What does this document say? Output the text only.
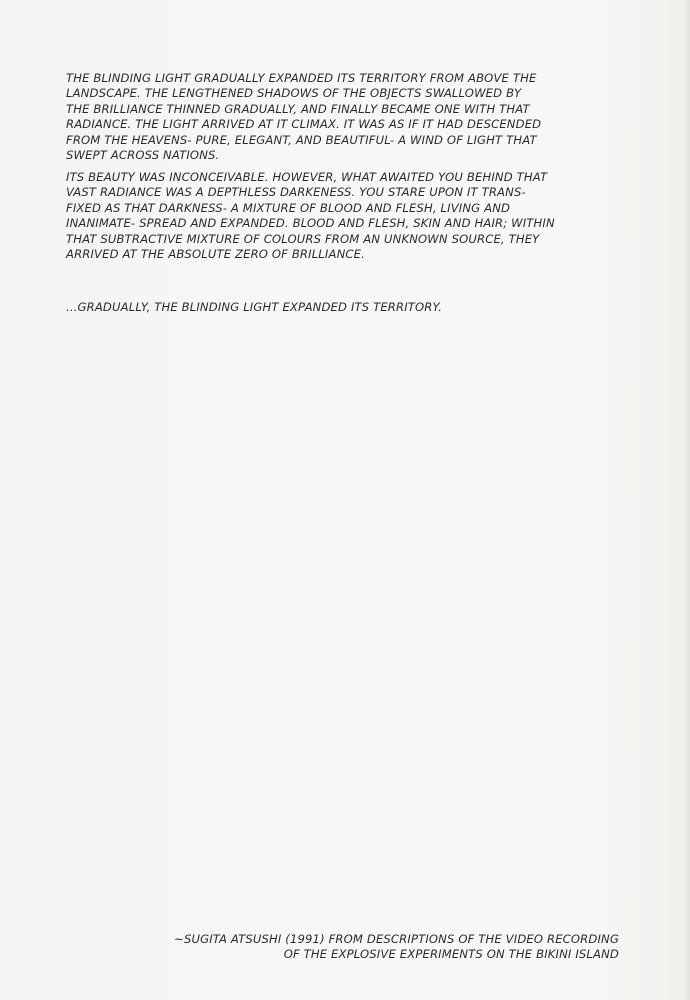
THE BLINDING LIGHT GRADUALLY EXPANDED ITS TERRITORY FROM ABOVE THE
LANDSCAPE. THE LENGTHENED SHADOWS OF THE OBJECTS SWALLOWED BY
THE BRILLIANCE THINNED GRADUALLY, AND FINALLY BECAME ONE WITH THAT
RADIANCE. THE LIGHT ARRIVED AT IT CLIMAX. IT WAS AS IF IT HAD DESCENDED
FROM THE HEAVENS- PURE, ELEGANT, AND BEAUTIFUL- A WIND OF LIGHT THAT
SWEPT ACROSS NATIONS.

ITS BEAUTY WAS INCONCEIVABLE. HOWEVER, WHAT AWAITED YOU BEHIND THAT
VAST RADIANCE WAS A DEPTHLESS DARKENESS. YOU STARE UPON IT TRANS-
FIXED AS THAT DARKNESS- A MIXTURE OF BLOOD AND FLESH, LIVING AND
INANIMATE- SPREAD AND EXPANDED. BLOOD AND FLESH, SKIN AND HAIR; WITHIN
THAT SUBTRACTIVE MIXTURE OF COLOURS FROM AN UNKNOWN SOURCE, THEY
ARRIVED AT THE ABSOLUTE ZERO OF BRILLIANCE.

...GRADUALLY, THE BLINDING LIGHT EXPANDED ITS TERRITORY.

~SUGITA ATSUSHI (1991) FROM DESCRIPTIONS OF THE VIDEO RECORDING
OF THE EXPLOSIVE EXPERIMENTS ON THE BIKINI ISLAND
